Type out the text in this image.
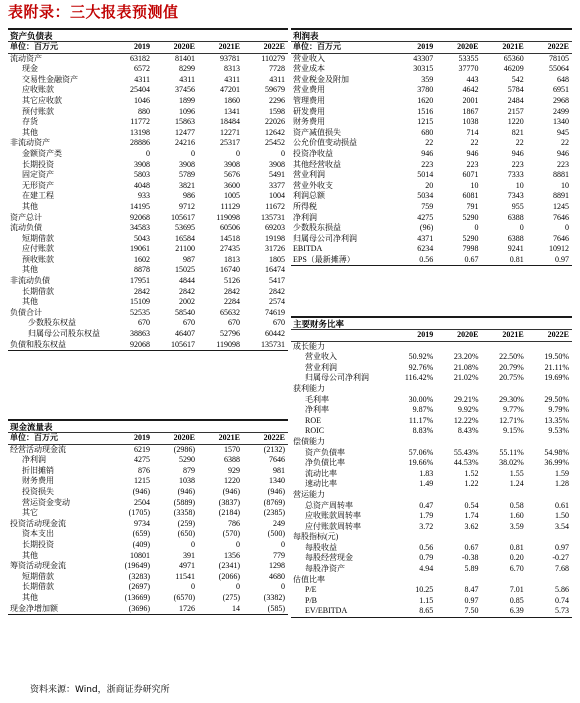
表附录：三大报表预测值
资产负债表
单位：百万元	2019	2020E	2021E	2022E
流动资产	63182	81401	93781	110279
现金	6572	8299	8313	7728
交易性金融资产	4311	4311	4311	4311
应收账款	25404	37456	47201	59679
其它应收款	1046	1899	1860	2296
预付账款	880	1096	1341	1598
存货	11772	15863	18484	22026
其他	13198	12477	12271	12642
非流动资产	28886	24216	25317	25452
金额资产类	0	0	0	0
长期投资	3908	3908	3908	3908
固定资产	5803	5789	5676	5491
无形资产	4048	3821	3600	3377
在建工程	933	986	1005	1004
其他	14195	9712	11129	11672
资产总计	92068	105617	119098	135731
流动负债	34583	53695	60506	69203
短期借款	5043	16584	14518	19198
应付账款	19061	21100	27435	31726
预收账款	1602	987	1813	1805
其他	8878	15025	16740	16474
非流动负债	17951	4844	5126	5417
长期借款	2842	2842	2842	2842
其他	15109	2002	2284	2574
负债合计	52535	58540	65632	74619
少数股东权益	670	670	670	670
归属母公司股东权益	38863	46407	52796	60442
负债和股东权益	92068	105617	119098	135731
现金流量表
单位：百万元	2019	2020E	2021E	2022E
经营活动现金流	6219	(2986)	1570	(2132)
净利润	4275	5290	6388	7646
折旧摊销	876	879	929	981
财务费用	1215	1038	1220	1340
投资损失	(946)	(946)	(946)	(946)
营运资金变动	2504	(5889)	(3837)	(8769)
其它	(1705)	(3358)	(2184)	(2385)
投资活动现金流	9734	(259)	786	249
资本支出	(659)	(650)	(570)	(500)
长期投资	(409)	0	0	0
其他	10801	391	1356	779
筹资活动现金流	(19649)	4971	(2341)	1298
短期借款	(3283)	11541	(2066)	4680
长期借款	(2697)	0	0	0
其他	(13669)	(6570)	(275)	(3382)
现金净增加额	(3696)	1726	14	(585)
利润表
单位：百万元	2019	2020E	2021E	2022E
营业收入	43307	53355	65360	78105
营业成本	30315	37770	46209	55064
营业税金及附加	359	443	542	648
营业费用	3780	4642	5784	6951
管理费用	1620	2001	2484	2968
研发费用	1516	1867	2157	2499
财务费用	1215	1038	1220	1340
资产减值损失	680	714	821	945
公允价值变动损益	22	22	22	22
投资净收益	946	946	946	946
其他经营收益	223	223	223	223
营业利润	5014	6071	7333	8881
营业外收支	20	10	10	10
利润总额	5034	6081	7343	8891
所得税	759	791	955	1245
净利润	4275	5290	6388	7646
少数股东损益	(96)	0	0	0
归属母公司净利润	4371	5290	6388	7646
EBITDA	6234	7998	9241	10912
EPS（最新摊薄）	0.56	0.67	0.81	0.97
主要财务比率
	2019	2020E	2021E	2022E
成长能力				
营业收入	50.92%	23.20%	22.50%	19.50%
营业利润	92.76%	21.08%	20.79%	21.11%
归属母公司净利润	116.42%	21.02%	20.75%	19.69%
获利能力				
毛利率	30.00%	29.21%	29.30%	29.50%
净利率	9.87%	9.92%	9.77%	9.79%
ROE	11.17%	12.22%	12.71%	13.35%
ROIC	8.83%	8.43%	9.15%	9.53%
偿债能力				
资产负债率	57.06%	55.43%	55.11%	54.98%
净负债比率	19.66%	44.53%	38.02%	36.99%
流动比率	1.83	1.52	1.55	1.59
速动比率	1.49	1.22	1.24	1.28
营运能力				
总资产周转率	0.47	0.54	0.58	0.61
应收账款周转率	1.79	1.74	1.60	1.50
应付账款周转率	3.72	3.62	3.59	3.54
每股指标(元)				
每股收益	0.56	0.67	0.81	0.97
每股经营现金	0.79	-0.38	0.20	-0.27
每股净资产	4.94	5.89	6.70	7.68
估值比率				
P/E	10.25	8.47	7.01	5.86
P/B	1.15	0.97	0.85	0.74
EV/EBITDA	8.65	7.50	6.39	5.73
资料来源：Wind，浙商证券研究所
